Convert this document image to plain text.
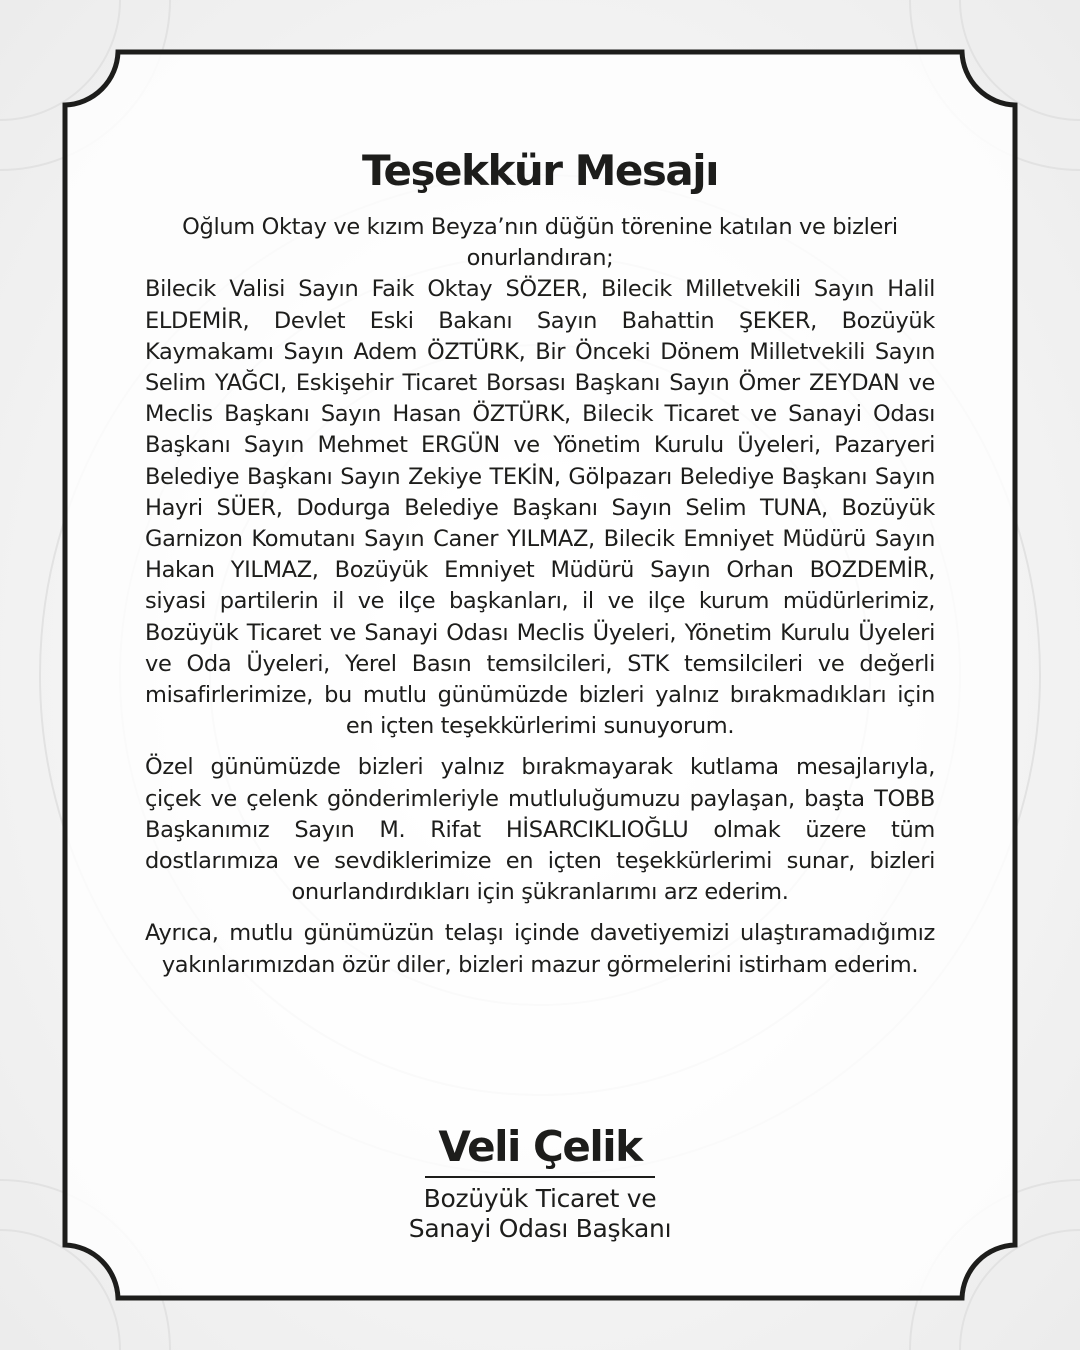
Teşekkür Mesajı

Oğlum Oktay ve kızım Beyza’nın düğün törenine katılan ve bizleri onurlandıran;

Bilecik Valisi Sayın Faik Oktay SÖZER, Bilecik Milletvekili Sayın Halil ELDEMİR, Devlet Eski Bakanı Sayın Bahattin ŞEKER, Bozüyük Kaymakamı Sayın Adem ÖZTÜRK, Bir Önceki Dönem Milletvekili Sayın Selim YAĞCI, Eskişehir Ticaret Borsası Başkanı Sayın Ömer ZEYDAN ve Meclis Başkanı Sayın Hasan ÖZTÜRK, Bilecik Ticaret ve Sanayi Odası Başkanı Sayın Mehmet ERGÜN ve Yönetim Kurulu Üyeleri, Pazaryeri Belediye Başkanı Sayın Zekiye TEKİN, Gölpazarı Belediye Başkanı Sayın Hayri SÜER, Dodurga Belediye Başkanı Sayın Selim TUNA, Bozüyük Garnizon Komutanı Sayın Caner YILMAZ, Bilecik Emniyet Müdürü Sayın Hakan YILMAZ, Bozüyük Emniyet Müdürü Sayın Orhan BOZDEMİR, siyasi partilerin il ve ilçe başkanları, il ve ilçe kurum müdürlerimiz, Bozüyük Ticaret ve Sanayi Odası Meclis Üyeleri, Yönetim Kurulu Üyeleri ve Oda Üyeleri, Yerel Basın temsilcileri, STK temsilcileri ve değerli misafirlerimize, bu mutlu günümüzde bizleri yalnız bırakmadıkları için en içten teşekkürlerimi sunuyorum.

Özel günümüzde bizleri yalnız bırakmayarak kutlama mesajlarıyla, çiçek ve çelenk gönderimleriyle mutluluğumuzu paylaşan, başta TOBB Başkanımız Sayın M. Rifat HİSARCIKLIOĞLU olmak üzere tüm dostlarımıza ve sevdiklerimize en içten teşekkürlerimi sunar, bizleri onurlandırdıkları için şükranlarımı arz ederim.

Ayrıca, mutlu günümüzün telaşı içinde davetiyemizi ulaştıramadığımız yakınlarımızdan özür diler, bizleri mazur görmelerini istirham ederim.

Veli Çelik
Bozüyük Ticaret ve
Sanayi Odası Başkanı
